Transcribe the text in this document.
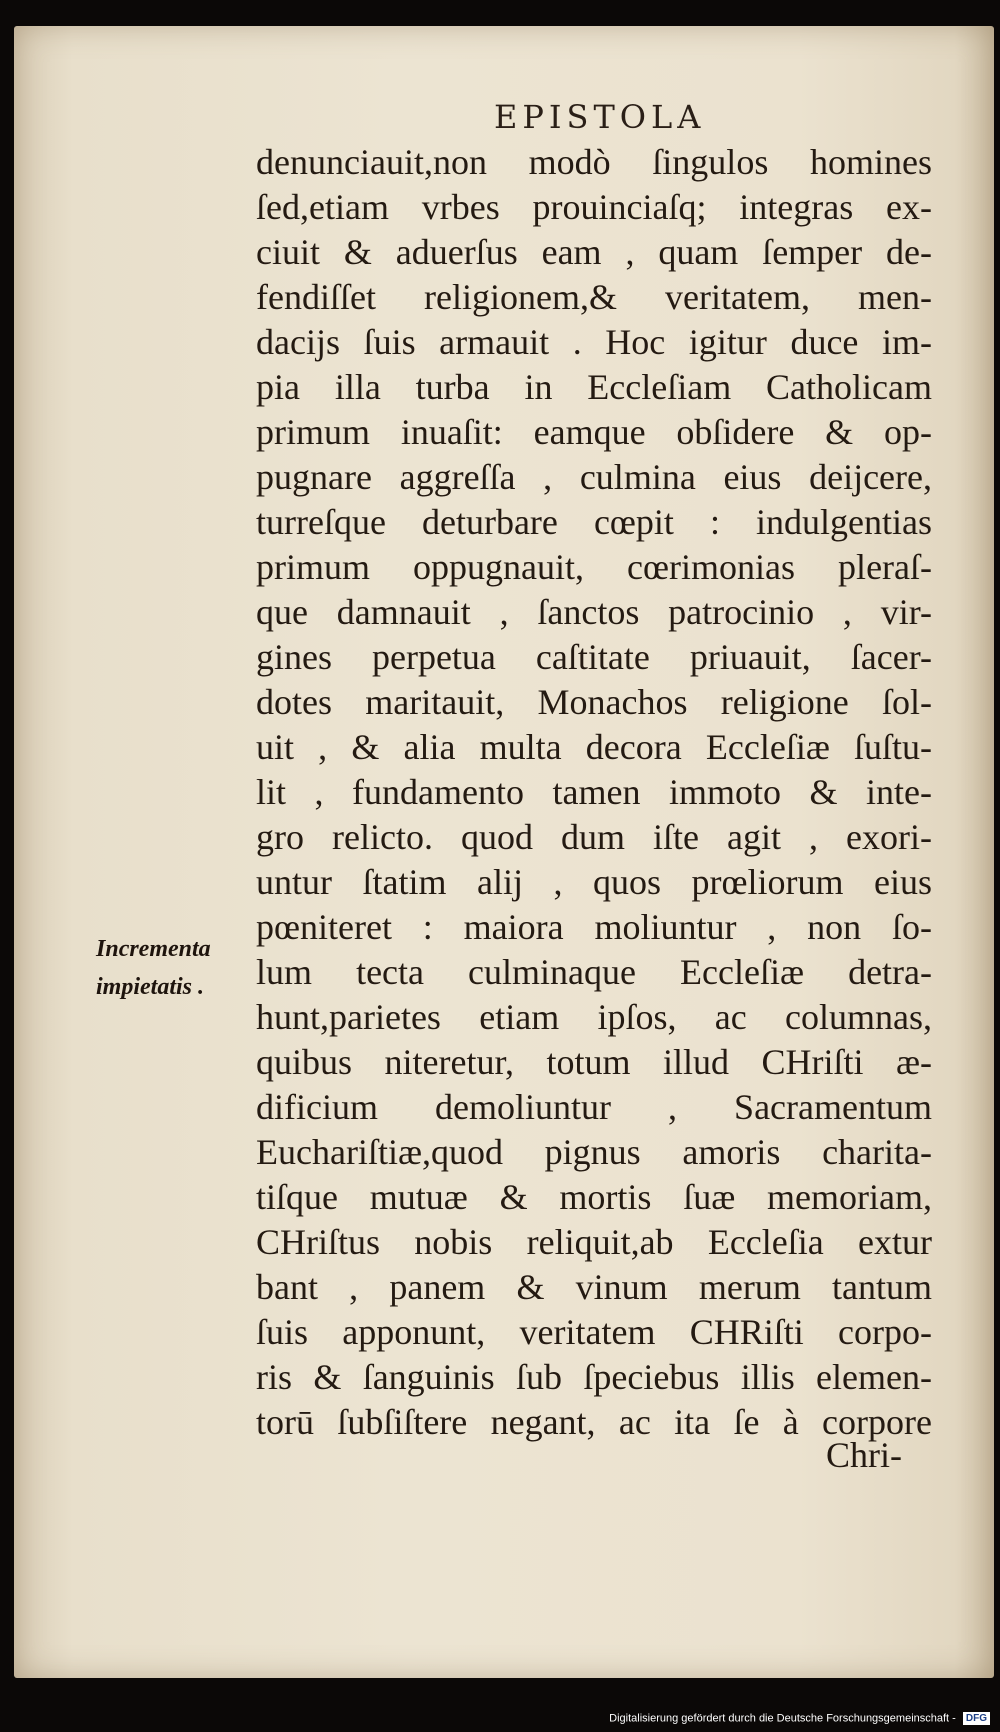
EPISTOLA
denunciauit,non modò ſingulos homines
ſed,etiam vrbes prouinciaſq; integras ex-
ciuit & aduerſus eam , quam ſemper de-
fendiſſet religionem,& veritatem, men-
dacijs ſuis armauit . Hoc igitur duce im-
pia illa turba in Eccleſiam Catholicam
primum inuaſit: eamque obſidere & op-
pugnare aggreſſa , culmina eius deijcere,
turreſque deturbare cœpit : indulgentias
primum oppugnauit, cœrimonias pleraſ-
que damnauit , ſanctos patrocinio , vir-
gines perpetua caſtitate priuauit, ſacer-
dotes maritauit, Monachos religione ſol-
uit , & alia multa decora Eccleſiæ ſuſtu-
lit , fundamento tamen immoto & inte-
gro relicto. quod dum iſte agit , exori-
untur ſtatim alij , quos prœliorum eius
pœniteret : maiora moliuntur , non ſo-
lum tecta culminaque Eccleſiæ detra-
hunt,parietes etiam ipſos, ac columnas,
quibus niteretur, totum illud CHriſti æ-
dificium demoliuntur , Sacramentum
Euchariſtiæ,quod pignus amoris charita-
tiſque mutuæ & mortis ſuæ memoriam,
CHriſtus nobis reliquit,ab Eccleſia extur
bant , panem & vinum merum tantum
ſuis apponunt, veritatem CHRiſti corpo-
ris & ſanguinis ſub ſpeciebus illis elemen-
torū ſubſiſtere negant, ac ita ſe à corpore
Chri-
Incrementa
impietatis .
Digitalisierung gefördert durch die Deutsche Forschungsgemeinschaft - DFG
